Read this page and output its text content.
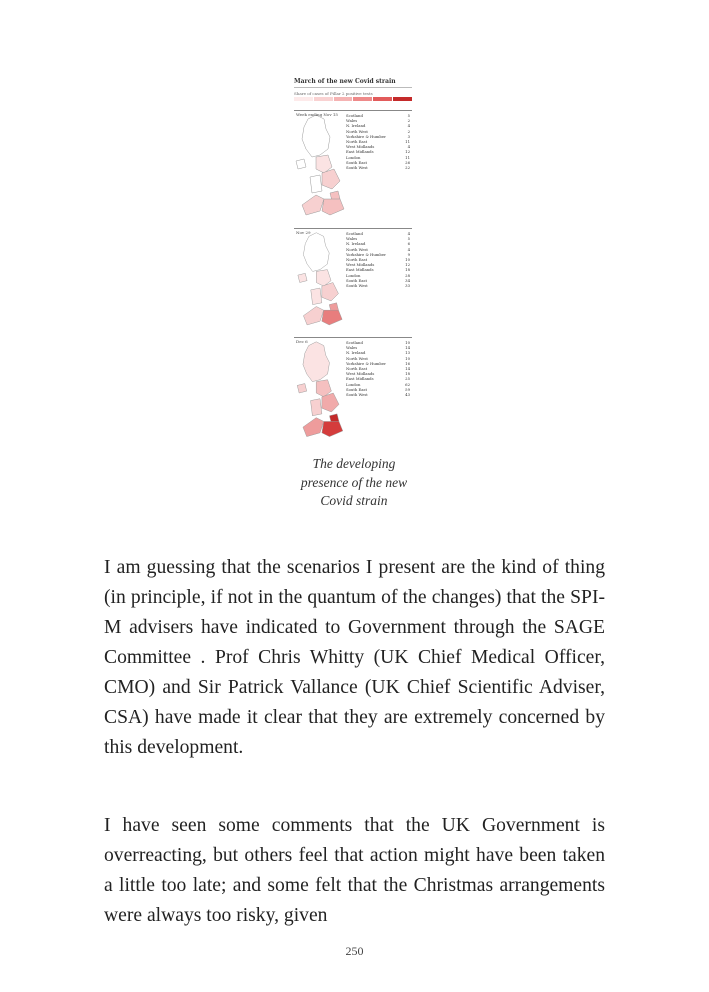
March of the new Covid strain
Share of cases of Pillar 2 positive tests
Week ending Nov 15 Scotland	5
Wales	2
N. Ireland	4
North West	2
Yorkshire & Humber	3
North East	11
West Midlands	4
East Midlands	12
London	11
South East	26
South West	22
Nov 29	Scotland	4
Wales	5
N. Ireland	6
North West	4
Yorkshire & Humber	9
North East	10
West Midlands	12
East Midlands	18
London	28
South East	34
South West	33
Dec 6	Scotland	10
Wales	14
N. Ireland	13
North West	10
Yorkshire & Humber	16
North East	14
West Midlands	18
East Midlands	25
London	62
South East	59
South West	43
The developing presence of the new Covid strain

I am guessing that the scenarios I present are the kind of thing (in principle, if not in the quantum of the changes) that the SPI-M advisers have indicated to Government through the SAGE Committee . Prof Chris Whitty (UK Chief Medical Officer, CMO) and Sir Patrick Vallance (UK Chief Scientific Adviser, CSA) have made it clear that they are extremely concerned by this development.

I have seen some comments that the UK Government is overreacting, but others feel that action might have been taken a little too late; and some felt that the Christmas arrangements were always too risky, given

250
